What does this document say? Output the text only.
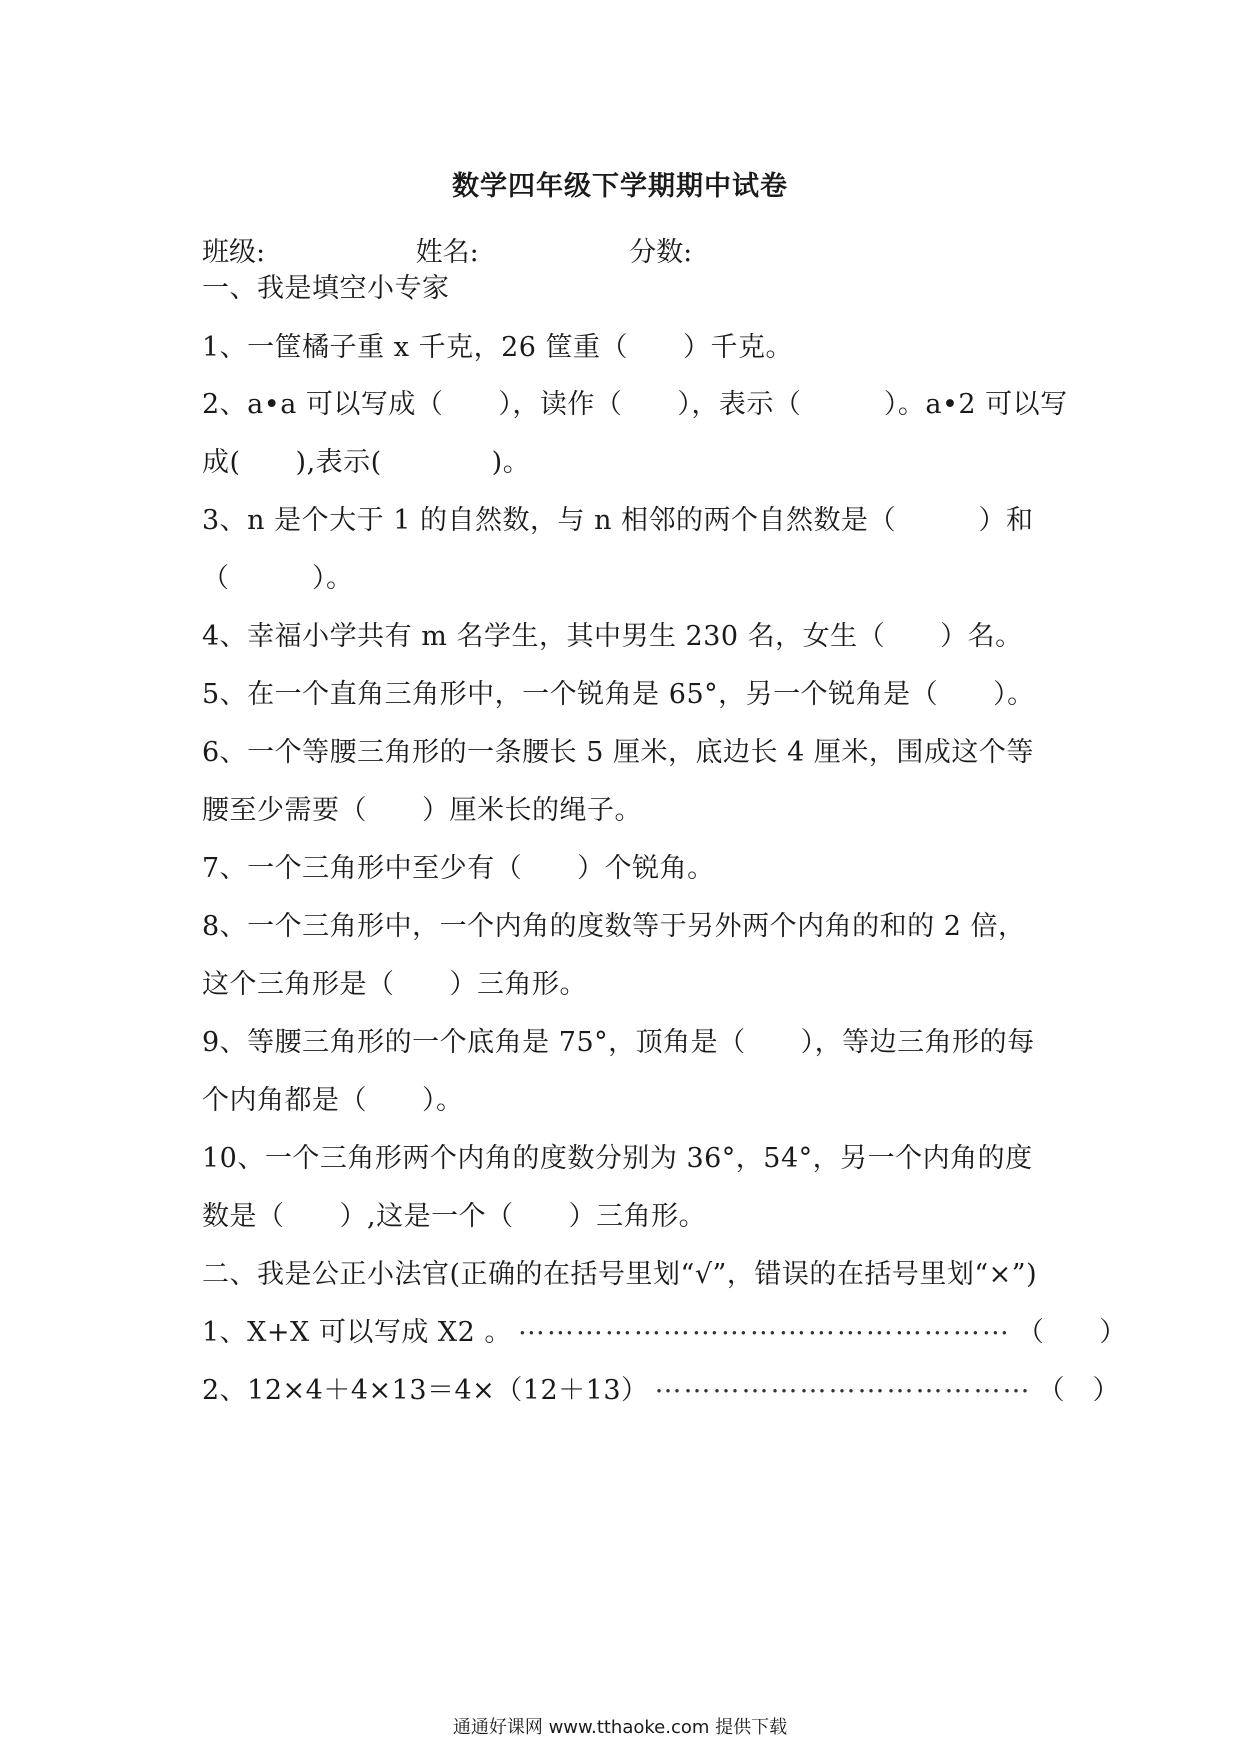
数学四年级下学期期中试卷
班级:	姓名:	分数:
一、我是填空小专家
1、一筐橘子重 x 千克，26 筐重（　　）千克。
2、a•a 可以写成（　　），读作（　　），表示（　　　）。a•2 可以写
成(　　),表示(　　　　)。
3、n 是个大于 1 的自然数，与 n 相邻的两个自然数是（　　　）和
（　　　）。
4、幸福小学共有 m 名学生，其中男生 230 名，女生（　　）名。
5、在一个直角三角形中，一个锐角是 65°，另一个锐角是（　　）。
6、一个等腰三角形的一条腰长 5 厘米，底边长 4 厘米，围成这个等
腰至少需要（　　）厘米长的绳子。
7、一个三角形中至少有（　　）个锐角。
8、一个三角形中，一个内角的度数等于另外两个内角的和的 2 倍，
这个三角形是（　　）三角形。
9、等腰三角形的一个底角是 75°，顶角是（　　），等边三角形的每
个内角都是（　　）。
10、一个三角形两个内角的度数分别为 36°，54°，另一个内角的度
数是（　　）,这是一个（　　）三角形。
二、我是公正小法官(正确的在括号里划“√”，错误的在括号里划“×”)
1、X+X 可以写成 X2 。 …………………………………………… （　　）
2、12×4＋4×13＝4×（12＋13） ………………………………… （　）
通通好课网 www.tthaoke.com 提供下载
